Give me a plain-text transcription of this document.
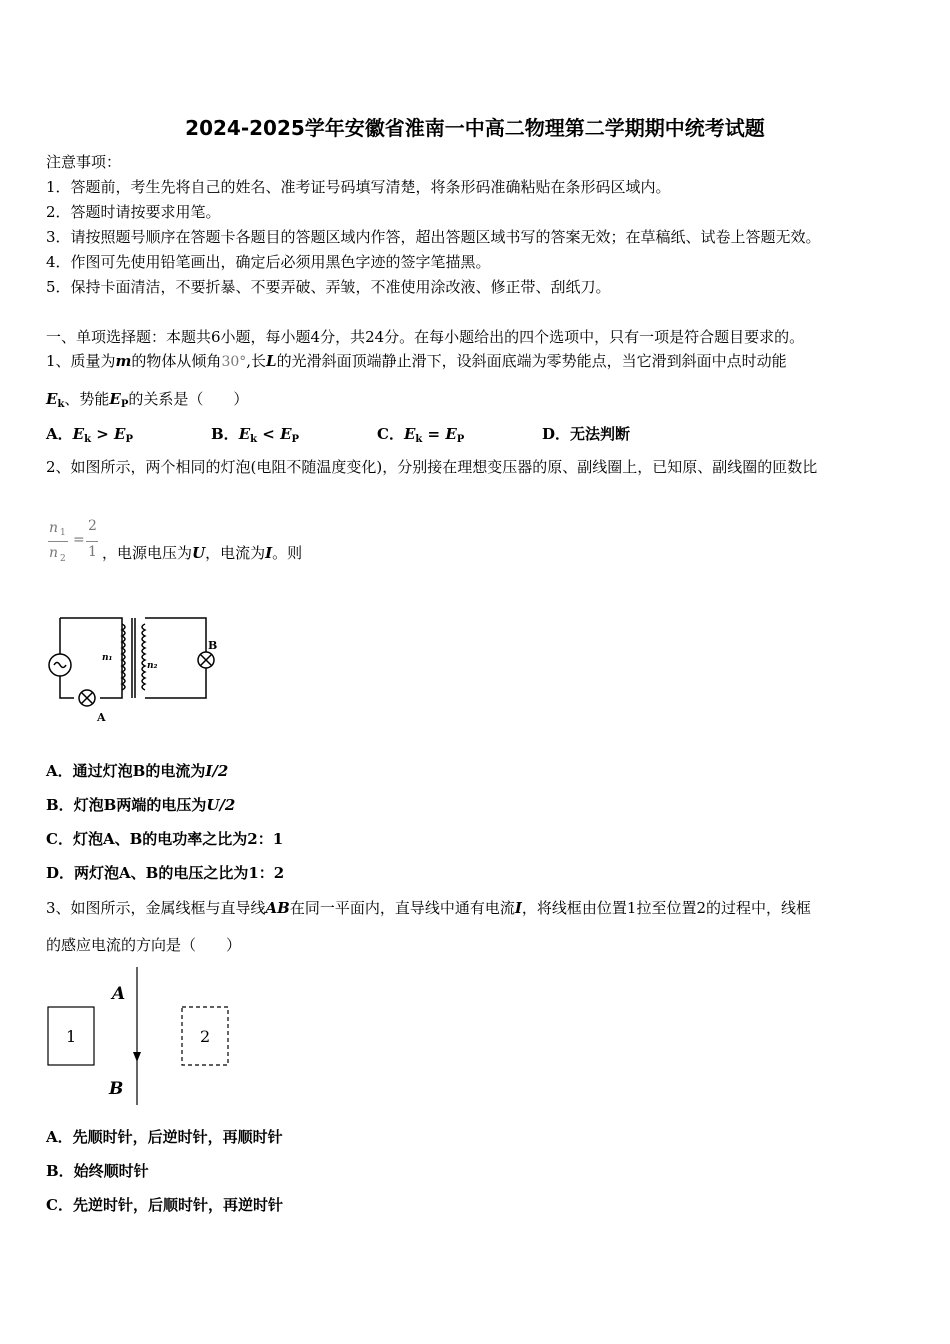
2024-2025学年安徽省淮南一中高二物理第二学期期中统考试题
注意事项：
1．答题前，考生先将自己的姓名、准考证号码填写清楚，将条形码准确粘贴在条形码区域内。
2．答题时请按要求用笔。
3．请按照题号顺序在答题卡各题目的答题区域内作答，超出答题区域书写的答案无效；在草稿纸、试卷上答题无效。
4．作图可先使用铅笔画出，确定后必须用黑色字迹的签字笔描黑。
5．保持卡面清洁，不要折暴、不要弄破、弄皱，不准使用涂改液、修正带、刮纸刀。
一、单项选择题：本题共6小题，每小题4分，共24分。在每小题给出的四个选项中，只有一项是符合题目要求的。
1、质量为m的物体从倾角30°,长L的光滑斜面顶端静止滑下，设斜面底端为零势能点，当它滑到斜面中点时动能
$E_k$、势能$E_P$的关系是（　　）
A．$E_k > E_P$	B．$E_k < E_P$	C．$E_k = E_P$	D．无法判断
2、如图所示，两个相同的灯泡(电阻不随温度变化)，分别接在理想变压器的原、副线圈上，已知原、副线圈的匝数比
n 1
n 2
=
2
1 ，电源电压为U，电流为I。则
n₁
n₂
A
B
A．通过灯泡B的电流为I/2
B．灯泡B两端的电压为U/2
C．灯泡A、B的电功率之比为2：1
D．两灯泡A、B的电压之比为1：2
3、如图所示，金属线框与直导线AB在同一平面内，直导线中通有电流I，将线框由位置1拉至位置2的过程中，线框
的感应电流的方向是（　　）
1
A
B
2
A．先顺时针，后逆时针，再顺时针
B．始终顺时针
C．先逆时针，后顺时针，再逆时针
